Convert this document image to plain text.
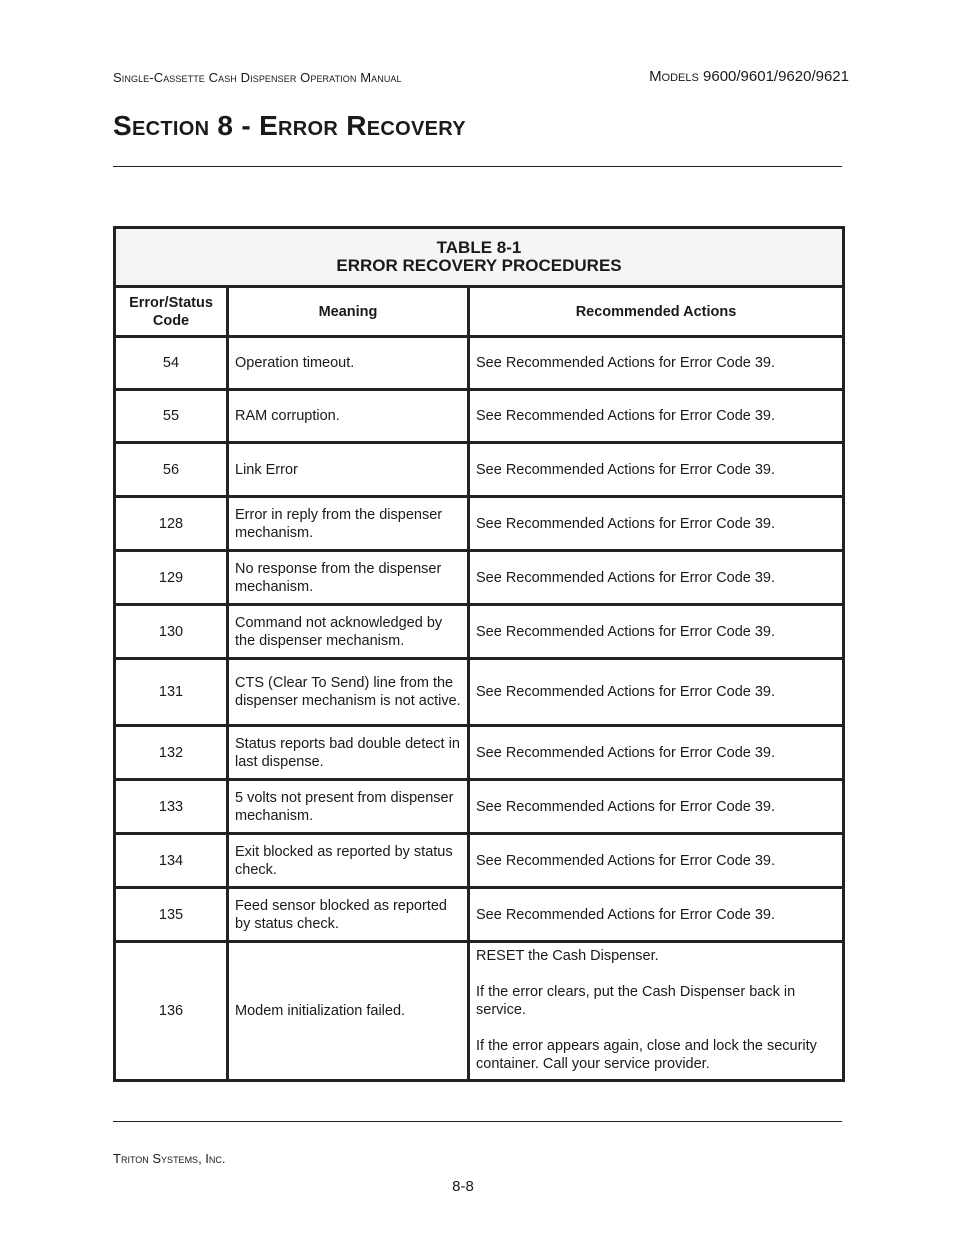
Single-Cassette Cash Dispenser Operation Manual	Models 9600/9601/9620/9621
Section 8 - Error Recovery
TABLE 8-1
ERROR RECOVERY PROCEDURES		

Error/Status Code	Meaning	Recommended Actions
54	Operation timeout.	See Recommended Actions for Error Code 39.
55	RAM corruption.	See Recommended Actions for Error Code 39.
56	Link Error	See Recommended Actions for Error Code 39.
128	Error in reply from the dispenser mechanism.	See Recommended Actions for Error Code 39.
129	No response from the dispenser mechanism.	See Recommended Actions for Error Code 39.
130	Command not acknowledged by the dispenser mechanism.	See Recommended Actions for Error Code 39.
131	CTS (Clear To Send) line from the dispenser mechanism is not active.	See Recommended Actions for Error Code 39.
132	Status reports bad double detect in last dispense.	See Recommended Actions for Error Code 39.
133	5 volts not present from dispenser mechanism.	See Recommended Actions for Error Code 39.
134	Exit blocked as reported by status check.	See Recommended Actions for Error Code 39.
135	Feed sensor blocked as reported by status check.	See Recommended Actions for Error Code 39.
136	Modem initialization failed.	RESET the Cash Dispenser.
If the error clears, put the Cash Dispenser back in service.
If the error appears again, close and lock the security container. Call your service provider.
Triton Systems, Inc.
8-8
